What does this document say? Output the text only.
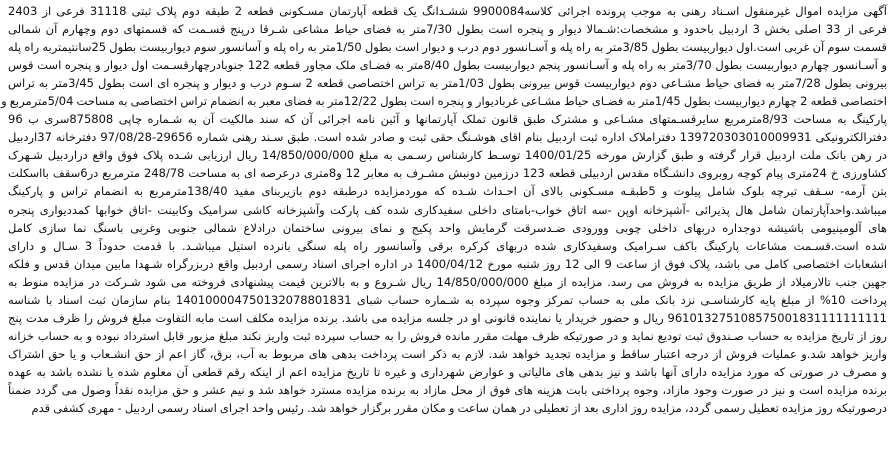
آگهی مزایده اموال غیرمنقول اسـناد رهنی به موجب پرونده اجرائی کلاسه9900084 ششـدانگ یک قطعه آپارتمان مسـکونی قطعه 2 طبقه دوم پلاک ثبتی 31118 فرعی از 2403
فرعی از 33 اصلی بخش 3 اردبیل باحدود و مشخصات:شـمالا دیوار و پنجره است بطول 7/30متر به فضای حیاط مشاعی شـرقا درپنج قسـمت که قسمتهای دوم وچهارم آن شمالی
قسمت سوم آن غربی است.اول دیواربیست بطول 3/85متر به راه پله و آسـانسور دوم درب و دیوار است بطول 1/50متر به راه پله و آسانسور سوم دیواربیست بطول 25سانتیمتربه راه پله
و آسـانسور چهارم دیواربیست بطول 3/70متر به راه پله و آسـانسور پنجم دیواربیست بطول 8/40متر به فضـای ملک مجاور قطعه 122 جنوبادرچهارقسـمت اول دیوار و پنجره است قوس
بیرونی بطول 7/28متر به فضای حیاط مشـاعی دوم دیواربیست قوس بیرونی بطول 1/03متر به تراس اختصاصی قطعه 2 سـوم درب و دیوار و پنجره ای است بطول 3/45متر به تراس
اختصاصی قطعه 2 چهارم دیواربیست بطول 1/45متر به فضـای حیاط مشـاعی غربادیوار و پنجره است بطول 12/22متر به فضای معبر به انضمام تراس اختصاصی به مساحت 5/04مترمربع و
پارکینگ به مساحت 8/93مترمربع سایرقسـمتهای مشـاعی و مشترک طبق قانون تملک آپارتمانها و آئین نامه اجرائی آن که سند مالکیت آن به شـماره چاپی 875808سری ب 96
دفترالکترونیکی 139720303010009931 دفتراملاک اداره ثبت اردبیل بنام اقای هوشـنگ حقی ثبت و صادر شده است. طبق سـند رهنی شماره 29656-97/08/28 دفترخانه 37اردبیل
در رهن بانک ملت اردبیل قرار گرفته و طبق گزارش مورخه 1400/01/25 توسـط کارشناس رسـمی به مبلغ 14/850/000/000 ریال ارزیابی شـده پلاک فوق واقع دراردبیل شـهرک
کشاورزی خ 24متری پیام کوچه روبروی دانشـگاه مقدس اردبیلی قطعه 123 درزمین دونبش مشـرف به معابر 12 و8متری درعرصه ای به مساحت 248/78 مترمربع در6سقف بااسکلت
بتن آرمه- سـقف تیرچه بلوک شامل پیلوت و 5طبقـه مسـکونی بالای آن احـداث شـده که موردمزایده درطبقه دوم بازیربنای مفید 138/40مترمربع به انضمام تراس و پارکینگ
میباشد.واحدآپارتمان شامل هال پذیرائی -آشپزخانه اوپن -سه اتاق خواب-بامتای داخلی سفیدکاری شده کف پارکت وآشپزخانه کاشی سرامیک وکابینت -اتاق خوابها کمددیواری پنجره
های آلومینیومی باشیشه دوجداره دربهای داخلی چوبی وورودی ضـدسرقت گرمایش واحد پکیج و نمای بیرونی ساختمان درادلاع شمالی جنوبی وغربی باسنگ نما سازی کامل
شده است.قسـمت مشاعات پارکینگ باکف سـرامیک وسفیدکاری شده دربهای کرکره برقی وآسانسور راه پله سنگی بانرده استیل میباشـد. با قدمت حدوداً 3 سـال و دارای
انشعابات اختصاصی کامل می باشد، پلاک فوق از ساعت 9 الی 12 روز شنبه مورخ 1400/04/12 در اداره اجرای اسناد رسمی اردبیل واقع دربزرگراه شـهدا مابین میدان قدس و فلکه
جهین جنب تالارمیلاد از طریق مزایده به فروش می رسد. مزایده از مبلغ 14/850/000/000 ریال شـروع و به بالاترین قیمت پیشنهادی فروخته می شود شـرکت در مزایده منوط به
پرداخت 10% از مبلغ پایه کارشناسـی نزد بانک ملی به حساب تمرکز وجوه سپرده به شـماره حساب شبای 140100004750132078801831 بنام سازمان ثبت اسناد با شناسه
961013275108575001831111111111 ریال و حضور خریدار یا نماینده قانونی او در جلسه مزایده می باشد. برنده مزایده مکلف است مابه التفاوت مبلغ فروش را ظرف مدت پنج
روز از تاریخ مزایده به حساب صـندوق ثبت تودیع نماید و در صورتیکه ظرف مهلت مقرر مانده فروش را به حساب سپرده ثبت واریز نکند مبلغ مزبور قابل استرداد نبوده و به حساب خزانه
واریز خواهد شد.و عملیات فروش از درجه اعتبار ساقط و مزایده تجدید خواهد شد. لازم به ذکر است پرداخت بدهی های مربوط به آب، برق، گاز اعم از حق انشـعاب و یا حق اشتراک
و مصرف در صورتی که مورد مزایده دارای آنها باشد و نیز بدهی های مالیاتی و عوارض شهرداری و غیره تا تاریخ مزایده اعم از اینکه رقم قطعی آن معلوم شده یا نشده باشد به عهده
برنده مزایده است و نیز در صورت وجود مازاد، وجوه پرداختی بابت هزینه های فوق از محل مازاد به برنده مزایده مسترد خواهد شد و نیم عشر و حق مزایده نقداً وصول می گردد ضمناً
درصورتیکه روز مزایده تعطیل رسمی گردد، مزایده روز اداری بعد از تعطیلی در همان ساعت و مکان مقرر برگزار خواهد شد. رئیس واحد اجرای اسناد رسمی اردبیل - مهری کشفی قدم
